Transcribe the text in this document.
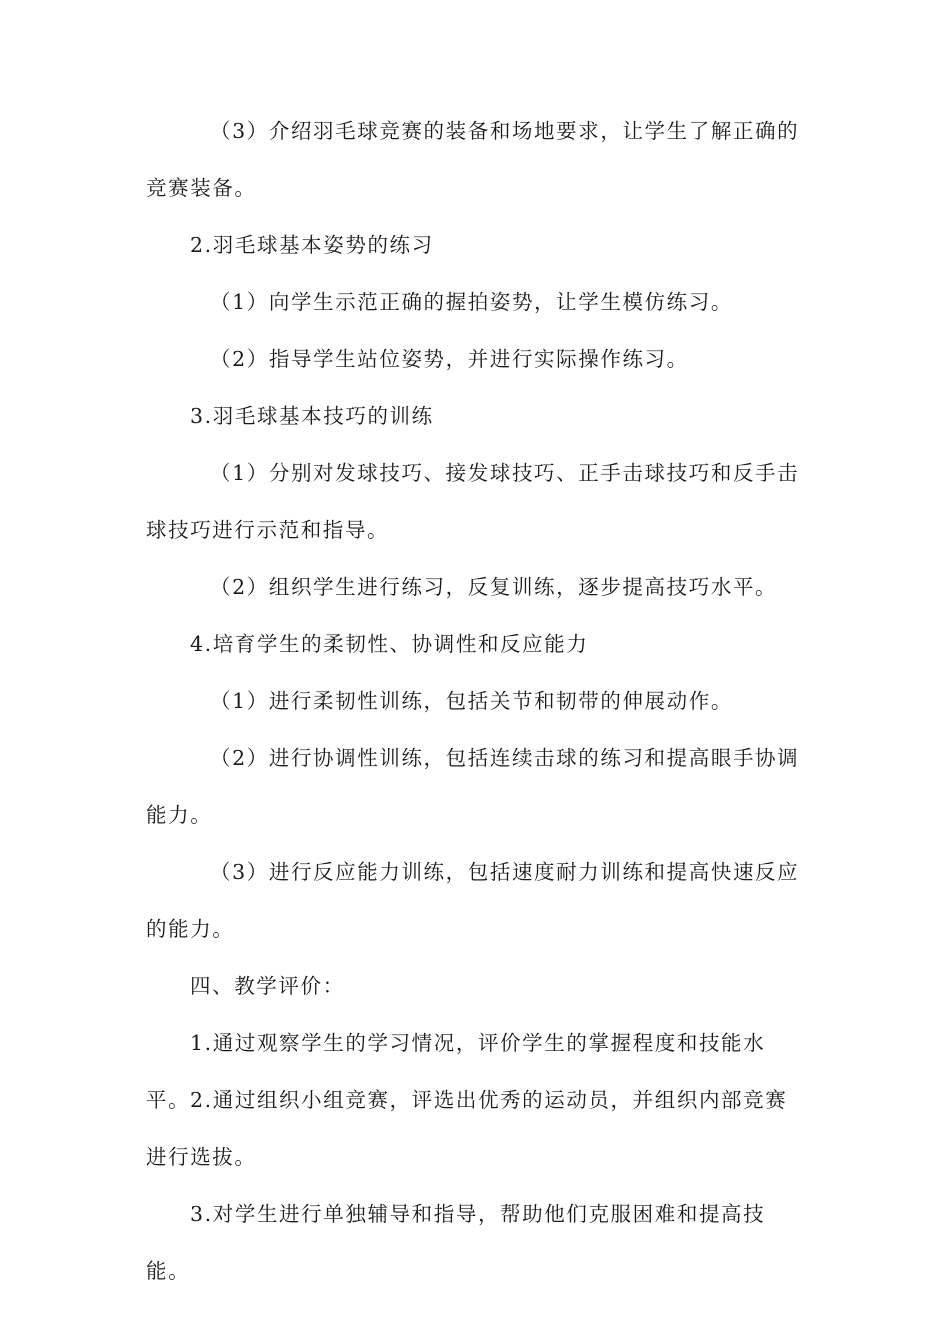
（3）介绍羽毛球竞赛的装备和场地要求，让学生了解正确的竞赛装备。

2.羽毛球基本姿势的练习

（1）向学生示范正确的握拍姿势，让学生模仿练习。

（2）指导学生站位姿势，并进行实际操作练习。

3.羽毛球基本技巧的训练

（1）分别对发球技巧、接发球技巧、正手击球技巧和反手击球技巧进行示范和指导。

（2）组织学生进行练习，反复训练，逐步提高技巧水平。

4.培育学生的柔韧性、协调性和反应能力

（1）进行柔韧性训练，包括关节和韧带的伸展动作。

（2）进行协调性训练，包括连续击球的练习和提高眼手协调能力。

（3）进行反应能力训练，包括速度耐力训练和提高快速反应的能力。

四、教学评价：

1.通过观察学生的学习情况，评价学生的掌握程度和技能水平。 2.通过组织小组竞赛，评选出优秀的运动员，并组织内部竞赛进行选拔。

3.对学生进行单独辅导和指导，帮助他们克服困难和提高技能。
